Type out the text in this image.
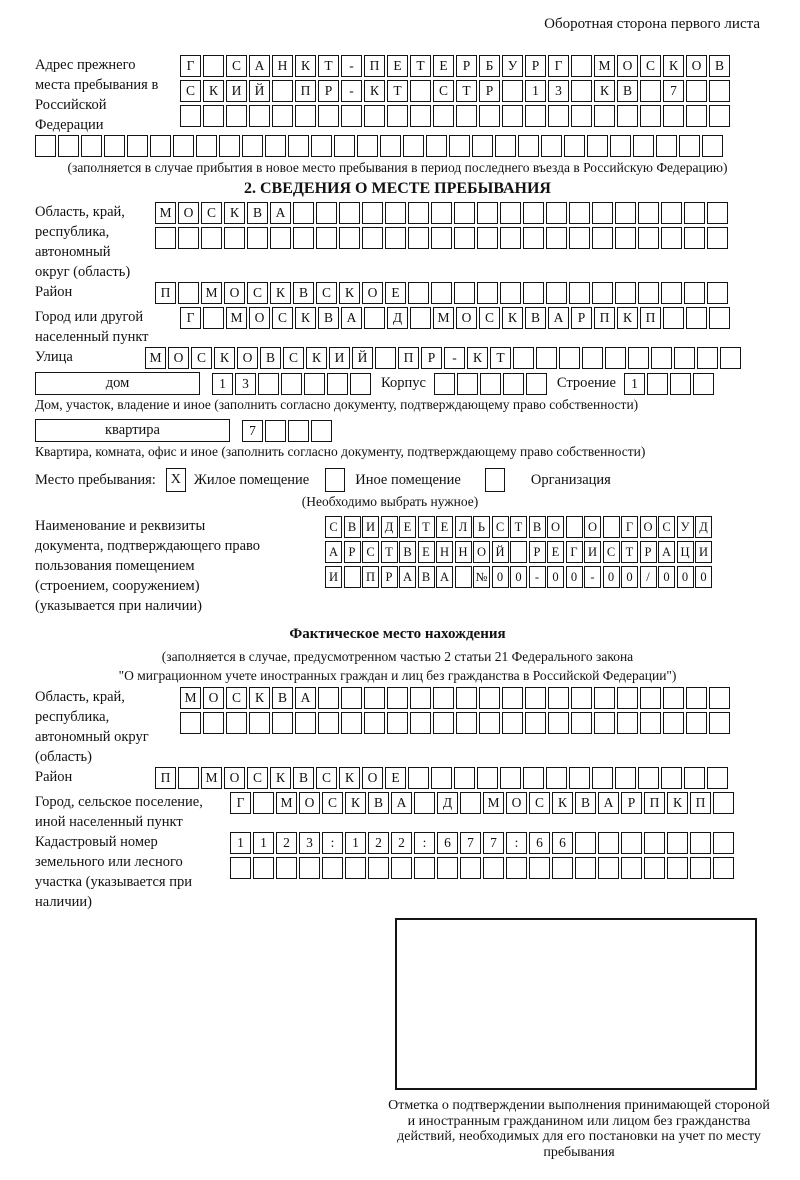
Оборотная сторона первого листа
Адрес прежнего места пребывания в Российской Федерации
Г	С	А Н	К	Т	-	П	Е	Т	Е	Р	Б	У	Р	Г	М О	С	К	О	В
С	К	И Й	П	Р	-	К	Т	С	Т	Р	1	3	К	В	7
(заполняется в случае прибытия в новое место пребывания в период последнего въезда в Российскую Федерацию)
2. СВЕДЕНИЯ О МЕСТЕ ПРЕБЫВАНИЯ
Область, край, республика, автономный округ (область)
М О	С	К	В	А
Район	П	М О	С	К	В	С	К	О	Е
Город или другой населенный пункт
Г	М О	С	К	В	А	Д	М О	С	К	В	А	Р	П	К	П
Улица	М О	С	К	О	В	С	К	И Й	П	Р	-	К	Т
дом	1	3	Корпус	Строение	1
Дом, участок, владение и иное (заполнить согласно документу, подтверждающему право собственности)
квартира	7
Квартира, комната, офис и иное (заполнить согласно документу, подтверждающему право собственности)
Место пребывания:	X Жилое помещение	Иное помещение	Организация
(Необходимо выбрать нужное)
Наименование и реквизиты документа, подтверждающего право пользования помещением (строением, сооружением) (указывается при наличии)
С В И Д Е Т Е Л Ь С Т В О	О	Г О С У Д
А Р С Т В Е Н Н О Й	Р Е Г И С Т Р А Ц И
И	П Р А В А	№ 0 0	-	0 0	-	0 0	/	0 0 0
Фактическое место нахождения
(заполняется в случае, предусмотренном частью 2 статьи 21 Федерального закона
"О миграционном учете иностранных граждан и лиц без гражданства в Российской Федерации")
Область, край, республика, автономный округ (область)
М О	С	К	В	А
Район	П	М О	С	К	В	С	К	О	Е
Город, сельское поселение, иной населенный пункт
Г	М О	С	К	В	А	Д	М О	С	К	В	А	Р	П	К	П
Кадастровый номер земельного или лесного участка (указывается при наличии)
1	1	2	3	:	1	2	2	:	6	7	7	:	6	6
Отметка о подтверждении выполнения принимающей стороной и иностранным гражданином или лицом без гражданства действий, необходимых для его постановки на учет по месту пребывания
